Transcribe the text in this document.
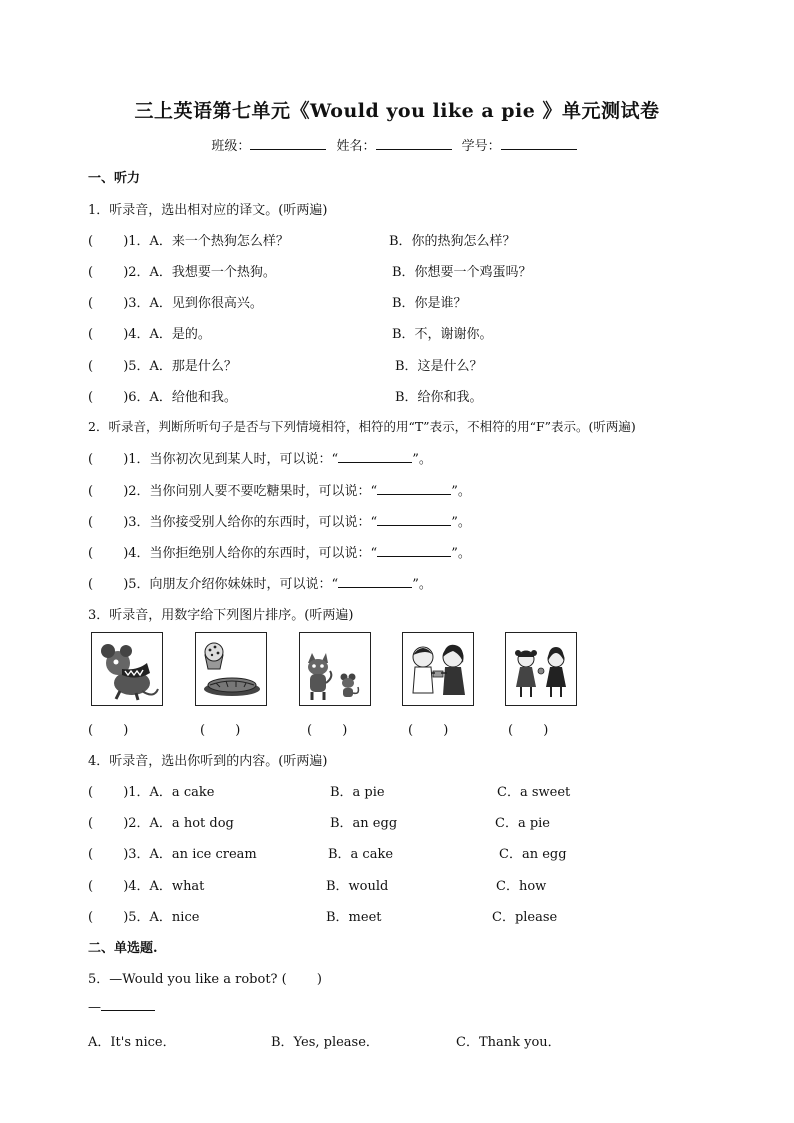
三上英语第七单元《Would you like a pie 》单元测试卷
班级：	姓名：	学号：
一、听力
1．听录音，选出相对应的译文。(听两遍)
(　　 )1．A．来一个热狗怎么样？	B．你的热狗怎么样？
(　　 )2．A．我想要一个热狗。	B．你想要一个鸡蛋吗？
(　　 )3．A．见到你很高兴。	B．你是谁？
(　　 )4．A．是的。	B．不，谢谢你。
(　　 )5．A．那是什么？	B．这是什么？
(　　 )6．A．给他和我。	B．给你和我。
2．听录音，判断所听句子是否与下列情境相符，相符的用“T”表示，不相符的用“F”表示。(听两遍)
(　　 )1．当你初次见到某人时，可以说：“	”。
(　　 )2．当你问别人要不要吃糖果时，可以说：“	”。
(　　 )3．当你接受别人给你的东西时，可以说：“	”。
(　　 )4．当你拒绝别人给你的东西时，可以说：“	”。
(　　 )5．向朋友介绍你妹妹时，可以说：“	”。
3．听录音，用数字给下列图片排序。(听两遍)
(　　 )	(　　 )	(　　 )	(　　 )	(　　 )
4．听录音，选出你听到的内容。(听两遍)
(　　 )1．A．a cake	B．a pie	C．a sweet
(　　 )2．A．a hot dog	B．an egg	C．a pie
(　　 )3．A．an ice cream	B．a cake	C．an egg
(　　 )4．A．what	B．would	C．how
(　　 )5．A．nice	B．meet	C．please
二、单选题.
5．—Would you like a robot? (　　 )
—
A．It's nice．	B．Yes, please．	C．Thank you．
